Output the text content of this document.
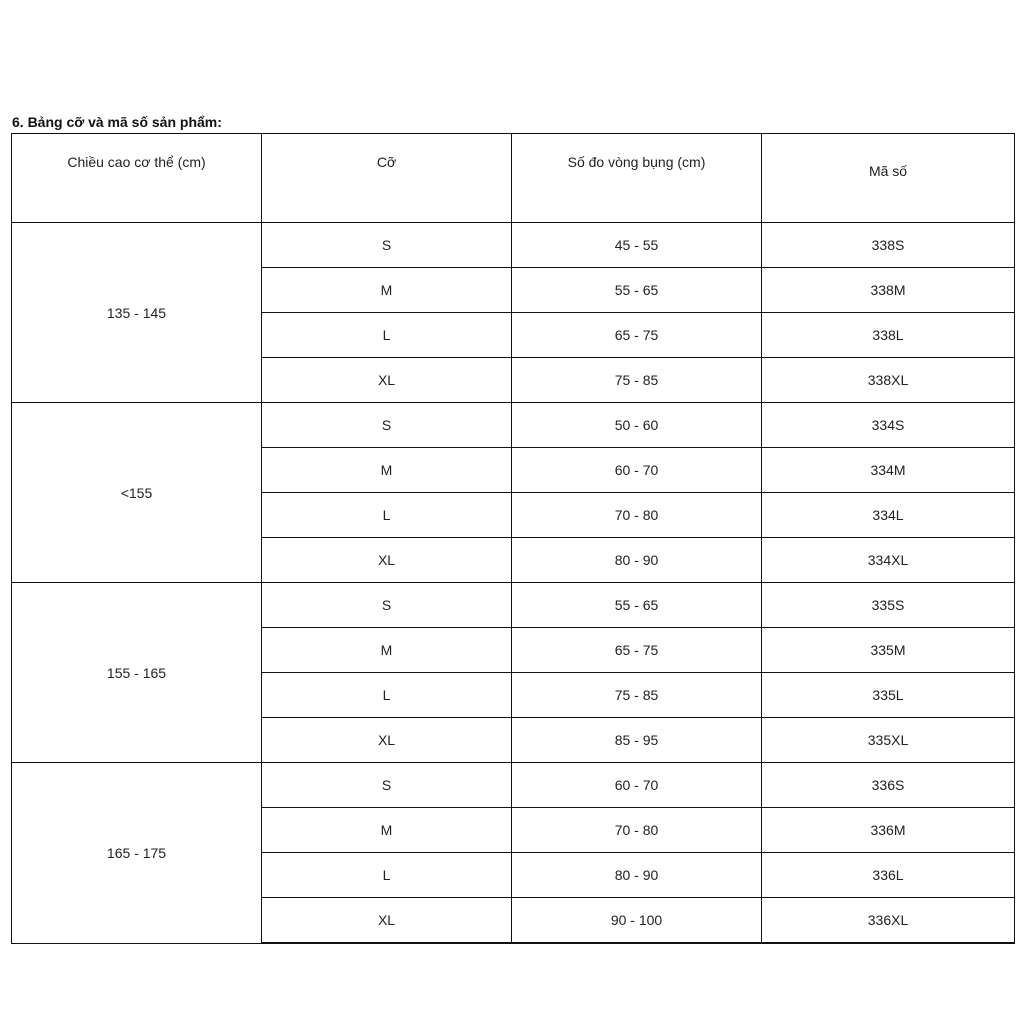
6. Bảng cỡ và mã số sản phẩm:
Chiều cao cơ thể (cm)	Cỡ	Số đo vòng bụng (cm)	Mã số
135 - 145	S	45 - 55	338S
	M	55 - 65	338M
	L	65 - 75	338L
	XL	75 - 85	338XL
<155	S	50 - 60	334S
	M	60 - 70	334M
	L	70 - 80	334L
	XL	80 - 90	334XL
155 - 165	S	55 - 65	335S
	M	65 - 75	335M
	L	75 - 85	335L
	XL	85 - 95	335XL
165 - 175	S	60 - 70	336S
	M	70 - 80	336M
	L	80 - 90	336L
	XL	90 - 100	336XL
